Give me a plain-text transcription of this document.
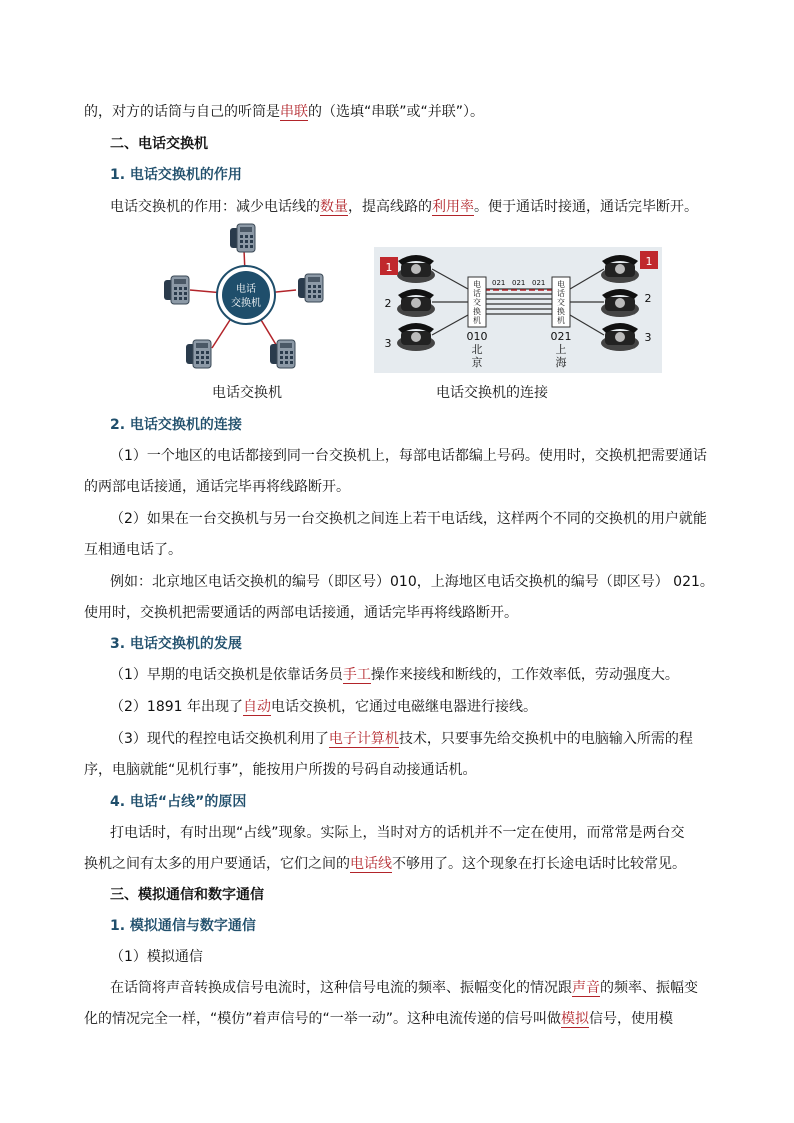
的，对方的话筒与自己的听筒是串联的（选填“串联”或“并联”）。
二、电话交换机
1. 电话交换机的作用
电话交换机的作用：减少电话线的数量，提高线路的利用率。便于通话时接通，通话完毕断开。
电话
交换机
电话交换机
1
2
3
1
2
3
电
话
交
换
机
电
话
交
换
机
021 021 021
010
北
京
021
上
海
电话交换机的连接
2. 电话交换机的连接
（1）一个地区的电话都接到同一台交换机上，每部电话都编上号码。使用时，交换机把需要通话
的两部电话接通，通话完毕再将线路断开。
（2）如果在一台交换机与另一台交换机之间连上若干电话线，这样两个不同的交换机的用户就能
互相通电话了。
例如：北京地区电话交换机的编号（即区号）010，上海地区电话交换机的编号（即区号） 021。
使用时，交换机把需要通话的两部电话接通，通话完毕再将线路断开。
3. 电话交换机的发展
（1）早期的电话交换机是依靠话务员手工操作来接线和断线的，工作效率低，劳动强度大。
（2）1891 年出现了自动电话交换机，它通过电磁继电器进行接线。
（3）现代的程控电话交换机利用了电子计算机技术，只要事先给交换机中的电脑输入所需的程
序，电脑就能“见机行事”，能按用户所拨的号码自动接通话机。
4. 电话“占线”的原因
打电话时，有时出现“占线”现象。实际上，当时对方的话机并不一定在使用，而常常是两台交
换机之间有太多的用户要通话，它们之间的电话线不够用了。这个现象在打长途电话时比较常见。
三、模拟通信和数字通信
1. 模拟通信与数字通信
（1）模拟通信
在话筒将声音转换成信号电流时，这种信号电流的频率、振幅变化的情况跟声音的频率、振幅变
化的情况完全一样，“模仿”着声信号的“一举一动”。这种电流传递的信号叫做模拟信号，使用模
